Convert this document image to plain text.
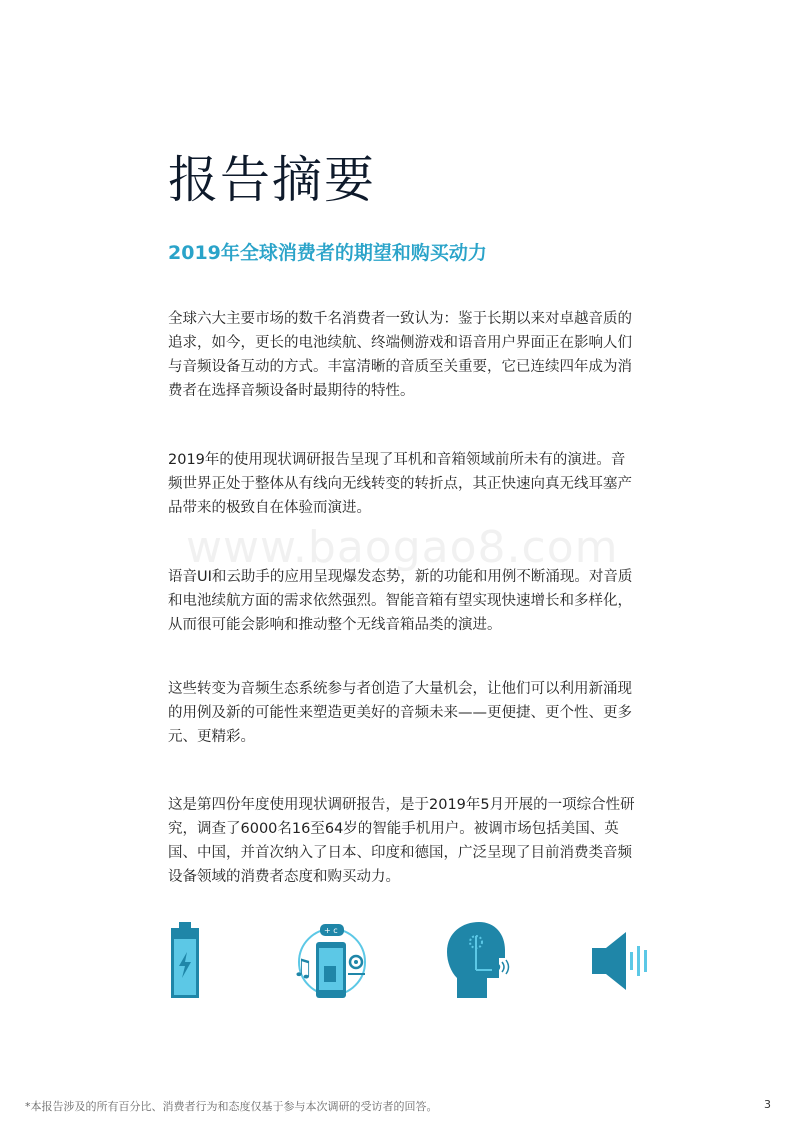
报告摘要
2019年全球消费者的期望和购买动力
www.baogao8.com

全球六大主要市场的数千名消费者一致认为：鉴于长期以来对卓越音质的追求，如今，更长的电池续航、终端侧游戏和语音用户界面正在影响人们与音频设备互动的方式。丰富清晰的音质至关重要，它已连续四年成为消费者在选择音频设备时最期待的特性。

2019年的使用现状调研报告呈现了耳机和音箱领域前所未有的演进。音频世界正处于整体从有线向无线转变的转折点，其正快速向真无线耳塞产品带来的极致自在体验而演进。

语音UI和云助手的应用呈现爆发态势，新的功能和用例不断涌现。对音质和电池续航方面的需求依然强烈。智能音箱有望实现快速增长和多样化，从而很可能会影响和推动整个无线音箱品类的演进。

这些转变为音频生态系统参与者创造了大量机会，让他们可以利用新涌现的用例及新的可能性来塑造更美好的音频未来——更便捷、更个性、更多元、更精彩。

这是第四份年度使用现状调研报告，是于2019年5月开展的一项综合性研究，调查了6000名16至64岁的智能手机用户。被调市场包括美国、英国、中国，并首次纳入了日本、印度和德国，广泛呈现了目前消费类音频设备领域的消费者态度和购买动力。

+ c
♫

*本报告涉及的所有百分比、消费者行为和态度仅基于参与本次调研的受访者的回答。	3
